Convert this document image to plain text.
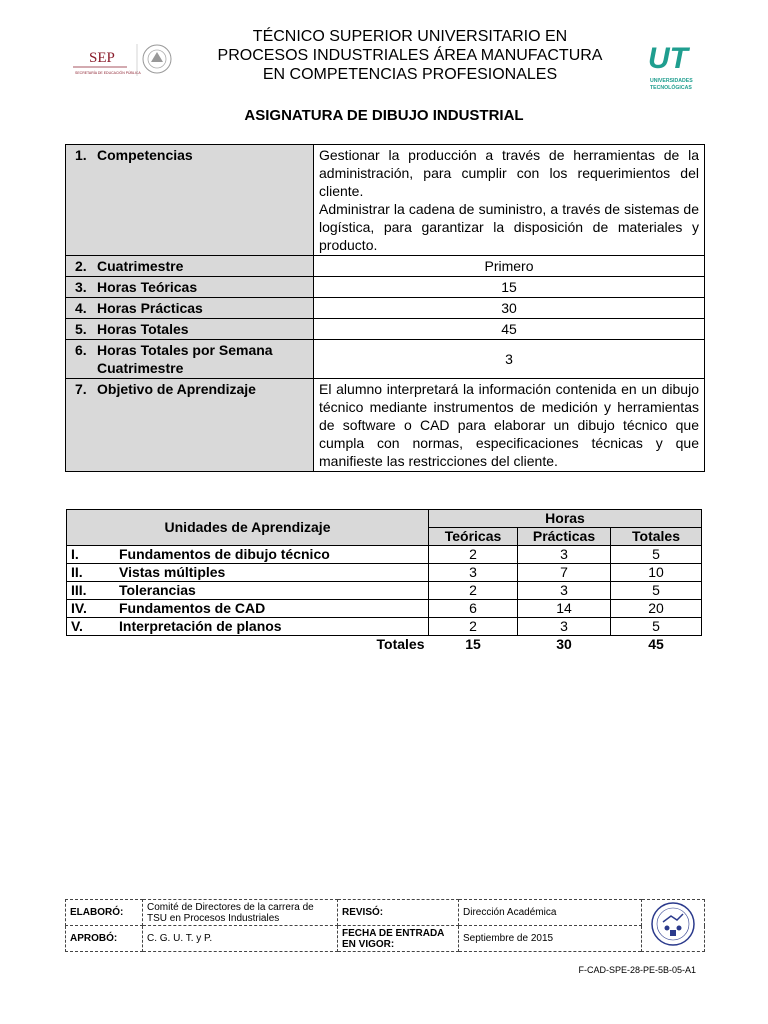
SEP
SECRETARÍA DE EDUCACIÓN PÚBLICA	UT
UNIVERSIDADES
TECNOLÓGICAS
TÉCNICO SUPERIOR UNIVERSITARIO EN
PROCESOS INDUSTRIALES ÁREA MANUFACTURA
EN COMPETENCIAS PROFESIONALES
ASIGNATURA DE DIBUJO INDUSTRIAL
1. Competencias	Gestionar la producción a través de herramientas de la administración, para cumplir con los requerimientos del cliente.
Administrar la cadena de suministro, a través de sistemas de logística, para garantizar la disposición de materiales y producto.

2. Cuatrimestre	Primero
3. Horas Teóricas	15
4. Horas Prácticas	30
5. Horas Totales	45
6. Horas Totales por Semana
Cuatrimestre	3
7. Objetivo de Aprendizaje	El alumno interpretará la información contenida en un dibujo técnico mediante instrumentos de medición y herramientas de software o CAD para elaborar un dibujo técnico que cumpla con normas, especificaciones técnicas y que manifieste las restricciones del cliente.
Unidades de Aprendizaje		Horas		
		Teóricas	Prácticas	Totales
I.	Fundamentos de dibujo técnico	2	3	5
II.	Vistas múltiples	3	7	10
III.	Tolerancias	2	3	5
IV.	Fundamentos de CAD	6	14	20
V.	Interpretación de planos	2	3	5
Totales		15	30	45
ELABORÓ:	Comité de Directores de la carrera de TSU en Procesos Industriales	REVISÓ:	Dirección Académica	
APROBÓ:	C. G. U. T. y P.	FECHA DE ENTRADA EN VIGOR:	Septiembre de 2015	
F-CAD-SPE-28-PE-5B-05-A1
